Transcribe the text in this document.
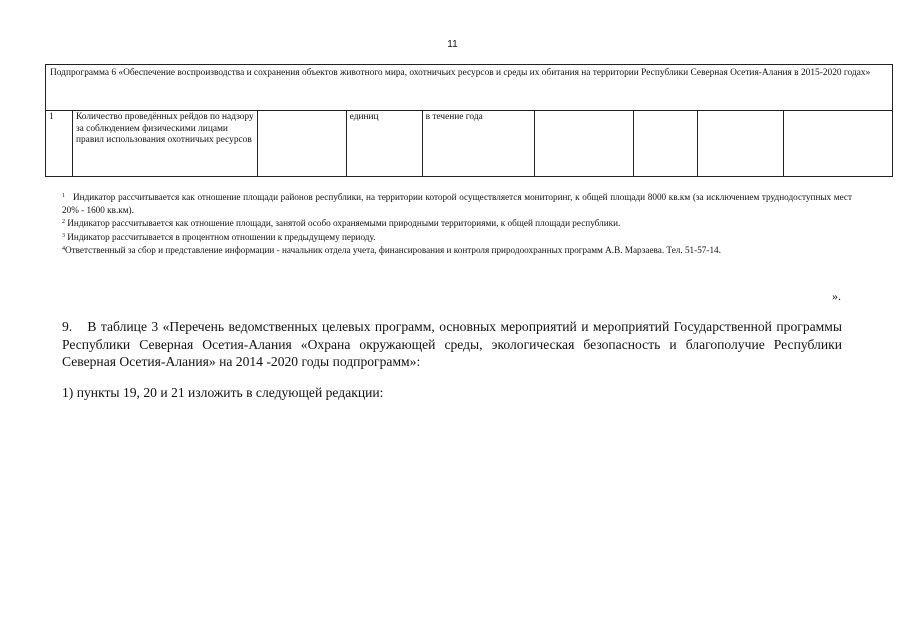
11
Подпрограмма 6 «Обеспечение воспроизводства и сохранения объектов животного мира, охотничьих ресурсов и среды их обитания на территории Республики Северная Осетия-Алания в 2015-2020 годах»
1	Количество проведённых рейдов по надзору за соблюдением физическими лицами правил использования охотничьих ресурсов		единиц	в течение года				
$^1$ Индикатор рассчитывается как отношение площади районов республики, на территории которой осуществляется мониторинг, к общей площади 8000 кв.км (за исключением труднодоступных мест 20% - 1600 кв.км).
$^2$ Индикатор рассчитывается как отношение площади, занятой особо охраняемыми природными территориями, к общей площади республики.
$^3$ Индикатор рассчитывается в процентном отношении к предыдущему периоду.
$^4$Ответственный за сбор и представление информации - начальник отдела учета, финансирования и контроля природоохранных программ А.В. Марзаева. Тел. 51-57-14.
».
9. В таблице 3 «Перечень ведомственных целевых программ, основных мероприятий и мероприятий Государственной программы Республики Северная Осетия-Алания «Охрана окружающей среды, экологическая безопасность и благополучие Республики Северная Осетия-Алания» на 2014 -2020 годы подпрограмм»:
1) пункты 19, 20 и 21 изложить в следующей редакции:
